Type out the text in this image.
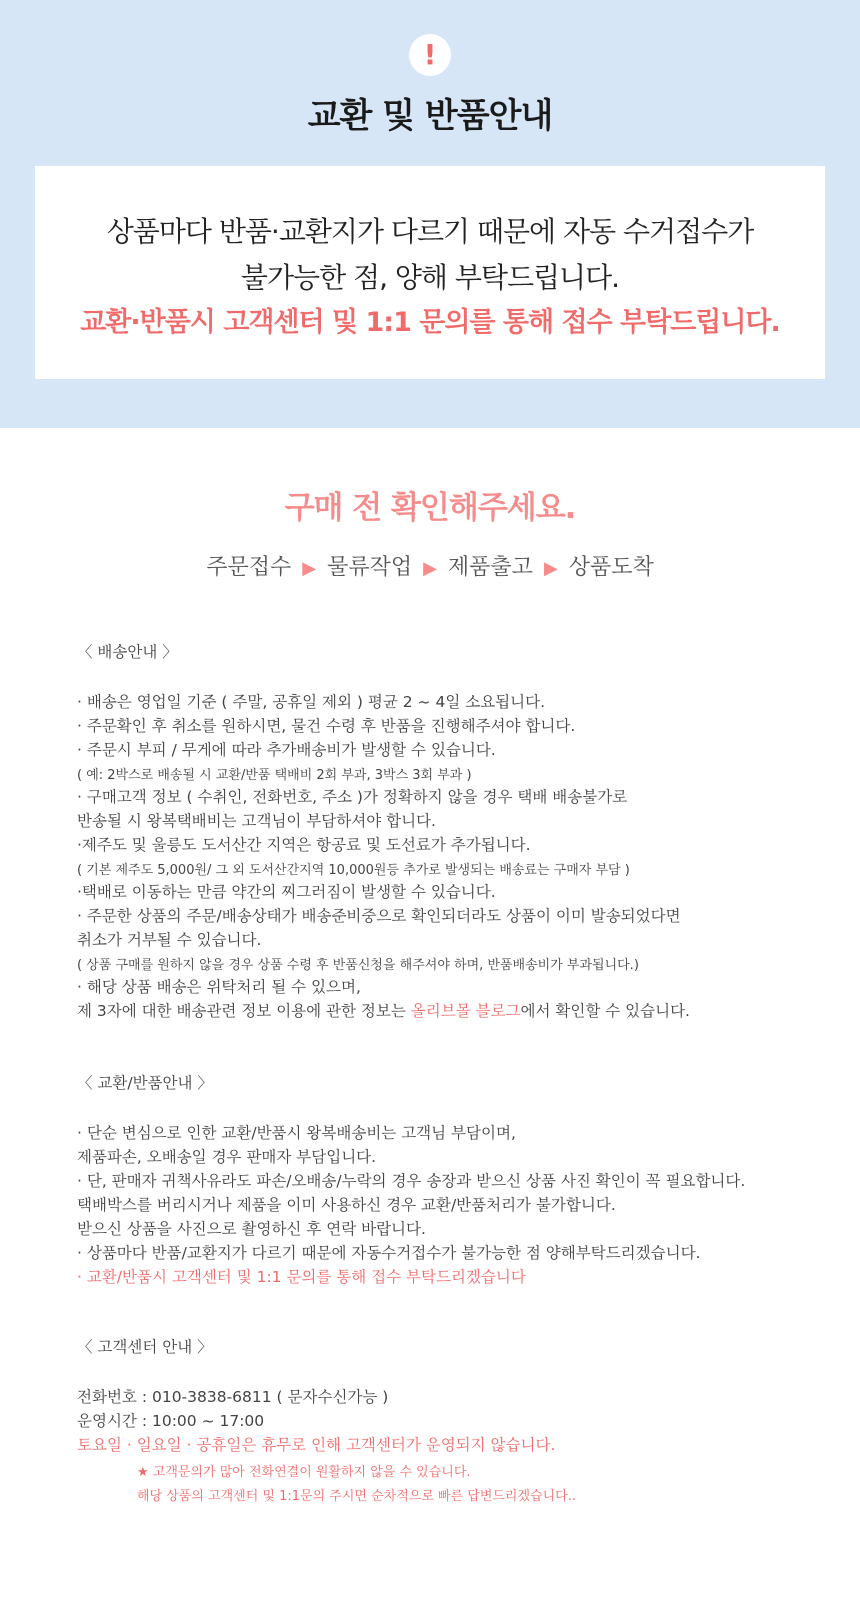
!
교환 및 반품안내
상품마다 반품·교환지가 다르기 때문에 자동 수거접수가
불가능한 점, 양해 부탁드립니다.
교환·반품시 고객센터 및 1:1 문의를 통해 접수 부탁드립니다.
구매 전 확인해주세요.
주문접수 ▶ 물류작업 ▶ 제품출고 ▶ 상품도착
〈 배송안내 〉
· 배송은 영업일 기준 ( 주말, 공휴일 제외 ) 평균 2 ~ 4일 소요됩니다.
· 주문확인 후 취소를 원하시면, 물건 수령 후 반품을 진행해주셔야 합니다.
· 주문시 부피 / 무게에 따라 추가배송비가 발생할 수 있습니다.
( 예: 2박스로 배송될 시 교환/반품 택배비 2회 부과, 3박스 3회 부과 )
· 구매고객 정보 ( 수취인, 전화번호, 주소 )가 정확하지 않을 경우 택배 배송불가로
반송될 시 왕복택배비는 고객님이 부담하셔야 합니다.
·제주도 및 울릉도 도서산간 지역은 항공료 및 도선료가 추가됩니다.
( 기본 제주도 5,000원/ 그 외 도서산간지역 10,000원등 추가로 발생되는 배송료는 구매자 부담 )
·택배로 이동하는 만큼 약간의 찌그러짐이 발생할 수 있습니다.
· 주문한 상품의 주문/배송상태가 배송준비중으로 확인되더라도 상품이 이미 발송되었다면
취소가 거부될 수 있습니다.
( 상품 구매를 원하지 않을 경우 상품 수령 후 반품신청을 해주셔야 하며, 반품배송비가 부과됩니다.)
· 해당 상품 배송은 위탁처리 될 수 있으며,
제 3자에 대한 배송관련 정보 이용에 관한 정보는 올리브몰 블로그에서 확인할 수 있습니다.
〈 교환/반품안내 〉
· 단순 변심으로 인한 교환/반품시 왕복배송비는 고객님 부담이며,
제품파손, 오배송일 경우 판매자 부담입니다.
· 단, 판매자 귀책사유라도 파손/오배송/누락의 경우 송장과 받으신 상품 사진 확인이 꼭 필요합니다.
택배박스를 버리시거나 제품을 이미 사용하신 경우 교환/반품처리가 불가합니다.
받으신 상품을 사진으로 촬영하신 후 연락 바랍니다.
· 상품마다 반품/교환지가 다르기 때문에 자동수거접수가 불가능한 점 양해부탁드리겠습니다.
· 교환/반품시 고객센터 및 1:1 문의를 통해 접수 부탁드리겠습니다
〈 고객센터 안내 〉
전화번호 : 010-3838-6811 ( 문자수신가능 )
운영시간 : 10:00 ~ 17:00
토요일 · 일요일 · 공휴일은 휴무로 인해 고객센터가 운영되지 않습니다.
★ 고객문의가 많아 전화연결이 원활하지 않을 수 있습니다.
해당 상품의 고객센터 및 1:1문의 주시면 순차적으로 빠른 답변드리겠습니다..
